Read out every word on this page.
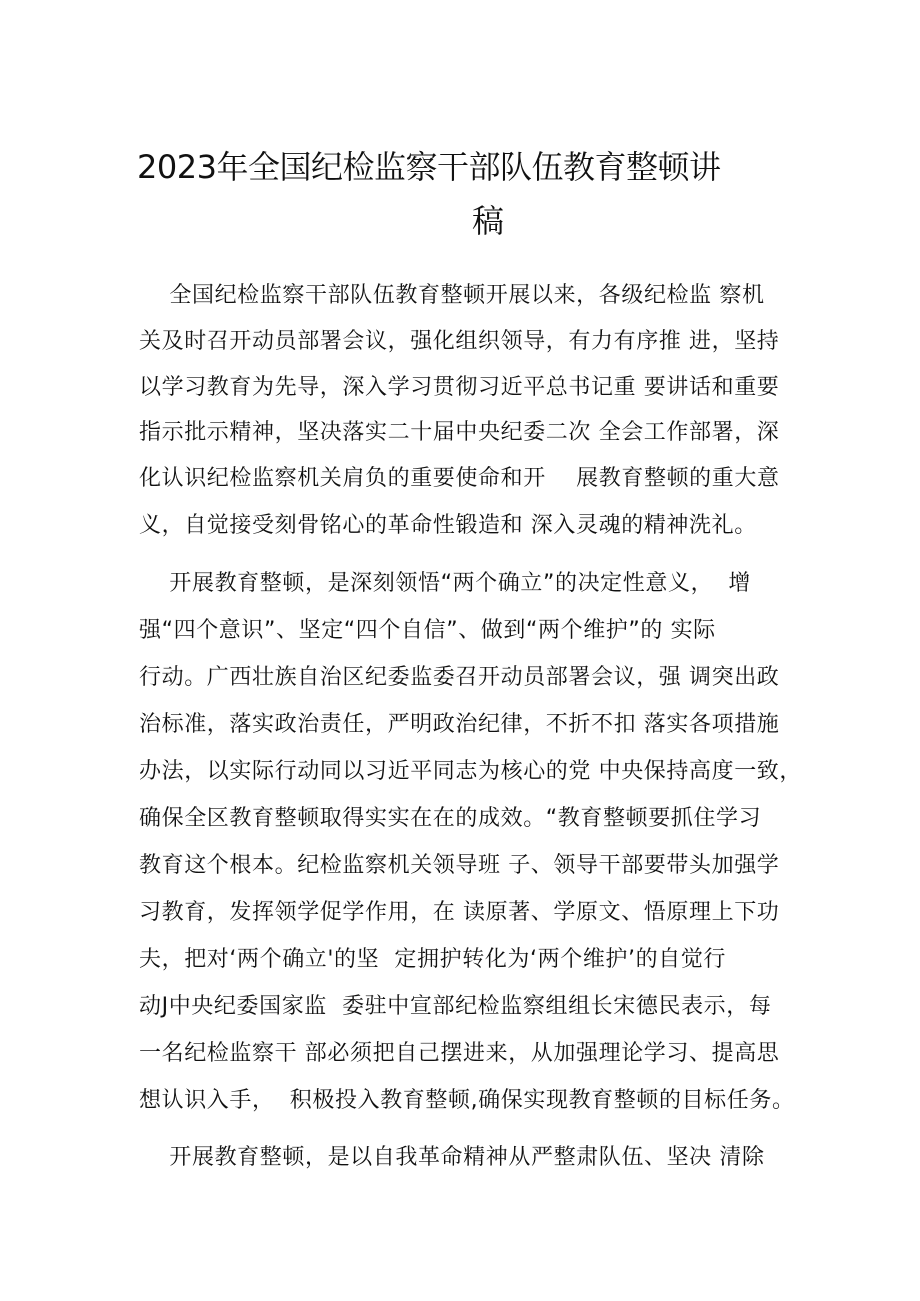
2023年全国纪检监察干部队伍教育整顿讲
稿

全国纪检监察干部队伍教育整顿开展以来，各级纪检监 察机

关及时召开动员部署会议，强化组织领导，有力有序推 进，坚持

以学习教育为先导，深入学习贯彻习近平总书记重 要讲话和重要

指示批示精神，坚决落实二十届中央纪委二次 全会工作部署，深

化认识纪检监察机关肩负的重要使命和开    展教育整顿的重大意

义，自觉接受刻骨铭心的革命性锻造和 深入灵魂的精神洗礼。

开展教育整顿，是深刻领悟“两个确立”的决定性意义，  增

强“四个意识”、坚定“四个自信”、做到“两个维护”的 实际

行动。广西壮族自治区纪委监委召开动员部署会议，强 调突出政

治标准，落实政治责任，严明政治纪律，不折不扣 落实各项措施

办法，以实际行动同以习近平同志为核心的党 中央保持高度一致，

确保全区教育整顿取得实实在在的成效。“教育整顿要抓住学习

教育这个根本。纪检监察机关领导班 子、领导干部要带头加强学

习教育，发挥领学促学作用，在 读原著、学原文、悟原理上下功

夫，把对‘两个确立'的坚  定拥护转化为‘两个维护’的自觉行

动J中央纪委国家监  委驻中宣部纪检监察组组长宋德民表示，每

一名纪检监察干 部必须把自己摆进来，从加强理论学习、提高思

想认识入手，  积极投入教育整顿,确保实现教育整顿的目标任务。

开展教育整顿，是以自我革命精神从严整肃队伍、坚决 清除
